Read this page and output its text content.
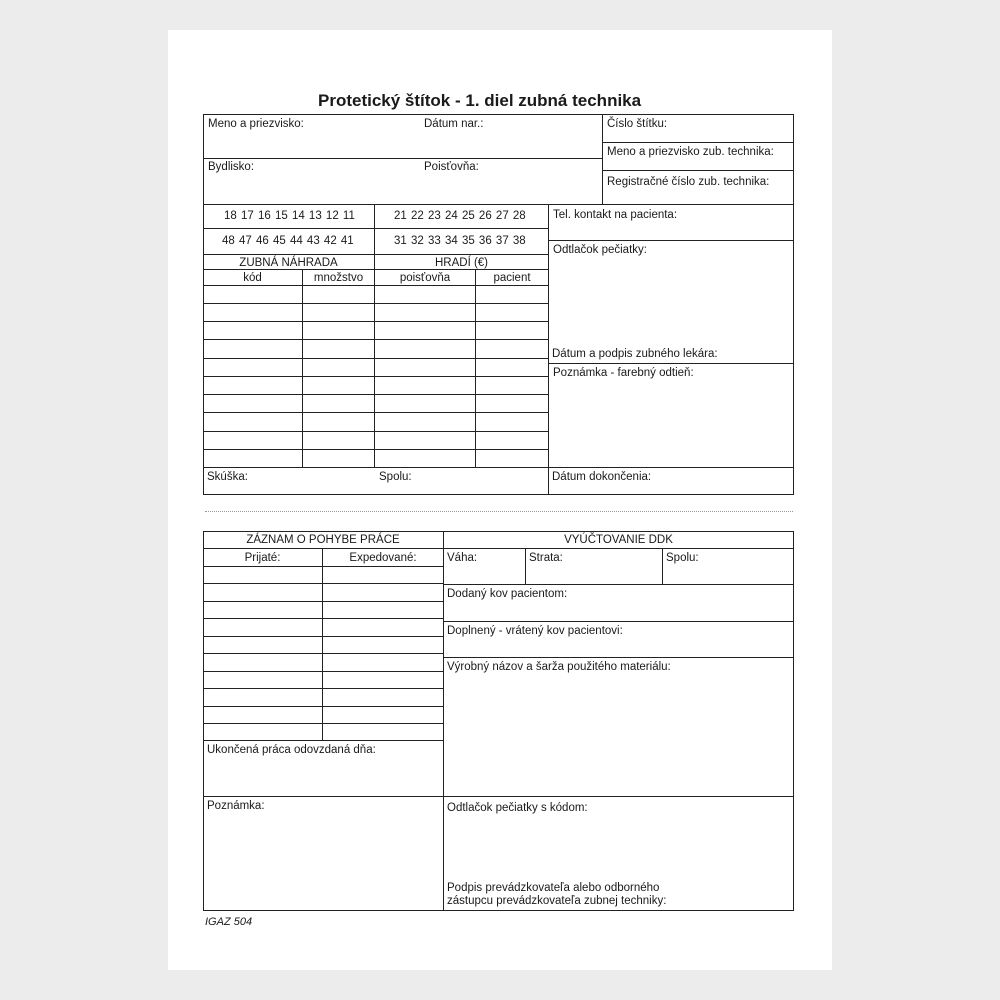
Protetický štítok - 1. diel zubná technika
Meno a priezvisko:	Dátum nar.:	Číslo štítku:
Meno a priezvisko zub. technika:
Bydlisko:	Poisťovňa:
Registračné číslo zub. technika:
18 17 16 15 14 13 12 11	21 22 23 24 25 26 27 28
48 47 46 45 44 43 42 41	31 32 33 34 35 36 37 38
Tel. kontakt na pacienta:
Odtlačok pečiatky:
Dátum a podpis zubného lekára:
Poznámka - farebný odtieň:
ZUBNÁ NÁHRADA	HRADÍ (€)
kód	množstvo	poisťovňa	pacient
Skúška:	Spolu:	Dátum dokončenia:
ZÁZNAM O POHYBE PRÁCE	VYÚČTOVANIE DDK
Prijaté:	Expedované:	Váha:	Strata:	Spolu:
Dodaný kov pacientom:
Doplnený - vrátený kov pacientovi:
Výrobný názov a šarža použitého materiálu:
Ukončená práca odovzdaná dňa:
Poznámka:	Odtlačok pečiatky s kódom:
Podpis prevádzkovateľa alebo odborného
zástupcu prevádzkovateľa zubnej techniky:
IGAZ 504
